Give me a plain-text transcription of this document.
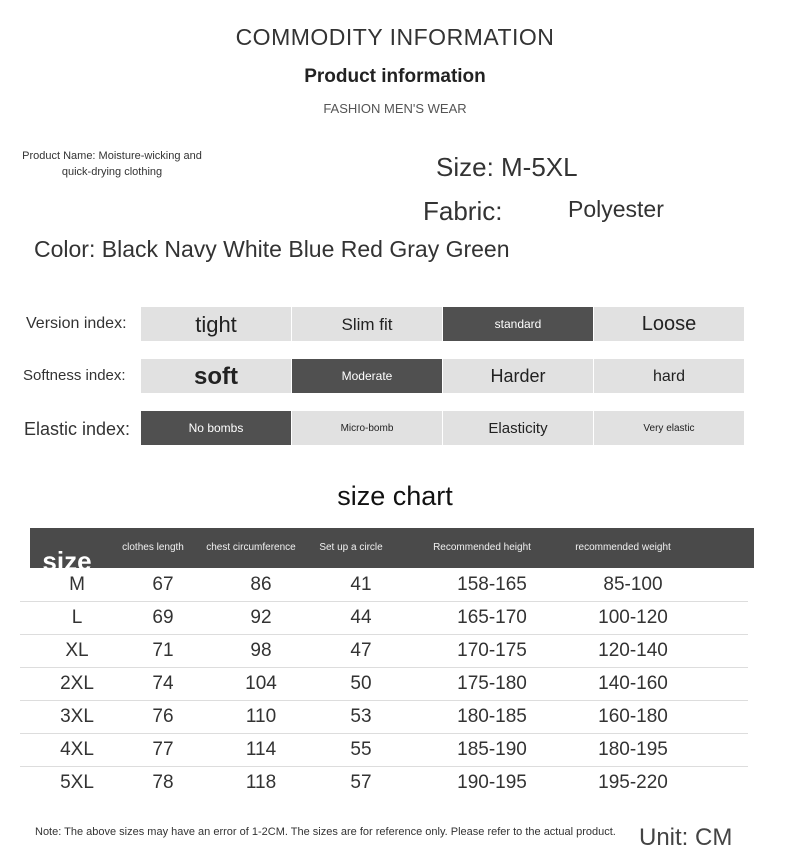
COMMODITY INFORMATION
Product information
FASHION MEN'S WEAR
Product Name: Moisture-wicking and quick-drying clothing	Size: M-5XL
Fabric:	Polyester
Color: Black Navy White Blue Red Gray Green
Version index:	tight	Slim fit	standard	Loose
Softness index:	soft	Moderate	Harder	hard
Elastic index:	No bombs	Micro-bomb	Elasticity	Very elastic
size chart
size	clothes length	chest circumference	Set up a circle	Recommended height	recommended weight
M	67	86	41	158-165	85-100
L	69	92	44	165-170	100-120
XL	71	98	47	170-175	120-140
2XL	74	104	50	175-180	140-160
3XL	76	110	53	180-185	160-180
4XL	77	114	55	185-190	180-195
5XL	78	118	57	190-195	195-220
Note: The above sizes may have an error of 1-2CM. The sizes are for reference only. Please refer to the actual product. Unit: CM
